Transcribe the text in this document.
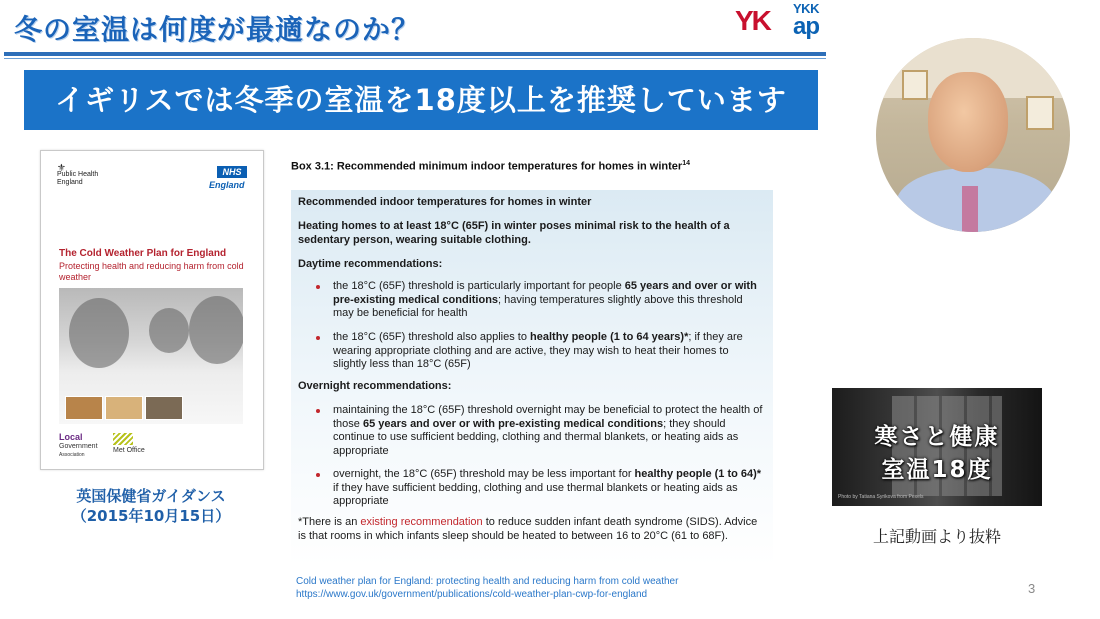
冬の室温は何度が最適なのか？	YK	YKK
ap
イギリスでは冬季の室温を18度以上を推奨しています
Public Health
England
⚜	NHS
England
The Cold Weather Plan for England
Protecting health and reducing harm from cold weather
Local
Government
Association
Met Office
英国保健省ガイダンス
（2015年10月15日）
Box 3.1: Recommended minimum indoor temperatures for homes in winter$^{14}$
Recommended indoor temperatures for homes in winter
Heating homes to at least 18°C (65F) in winter poses minimal risk to the health of a sedentary person, wearing suitable clothing.
Daytime recommendations:
the 18°C (65F) threshold is particularly important for people 65 years and over or with pre-existing medical conditions; having temperatures slightly above this threshold may be beneficial for health
the 18°C (65F) threshold also applies to healthy people (1 to 64 years)*; if they are wearing appropriate clothing and are active, they may wish to heat their homes to slightly less than 18°C (65F)
Overnight recommendations:
maintaining the 18°C (65F) threshold overnight may be beneficial to protect the health of those 65 years and over or with pre-existing medical conditions; they should continue to use sufficient bedding, clothing and thermal blankets, or heating aids as appropriate
overnight, the 18°C (65F) threshold may be less important for healthy people (1 to 64)* if they have sufficient bedding, clothing and use thermal blankets or heating aids as appropriate
*There is an existing recommendation to reduce sudden infant death syndrome (SIDS). Advice is that rooms in which infants sleep should be heated to between 16 to 20°C (61 to 68F).
Cold weather plan for England: protecting health and reducing harm from cold weather
https://www.gov.uk/government/publications/cold-weather-plan-cwp-for-england	3
寒さと健康
室温18度
Photo by Tatiana Syrikova from Pexels
上記動画より抜粋
